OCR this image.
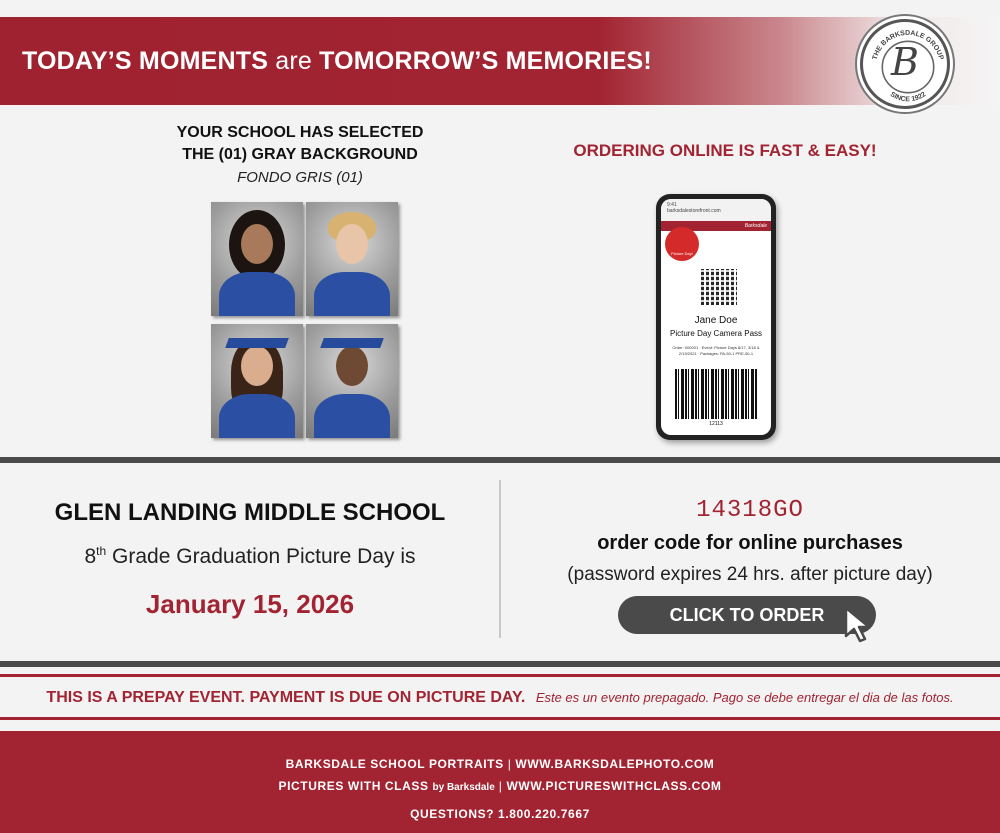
TODAY’S MOMENTS are TOMORROW’S MEMORIES!	THE BARKSDALE GROUP
SINCE 1922
B
YOUR SCHOOL HAS SELECTED
THE (01) GRAY BACKGROUND
FONDO GRIS (01)
ORDERING ONLINE IS FAST & EASY!
9:41
barksdalestorefront.com
Barksdale
Picture Day!
Jane Doe
Picture Day Camera Pass
Order: 000001 · Event: Picture Days 8/17, 3/18 & 2/19/2021 · Packages: PA-50-1 PRE-50-1
12113
GLEN LANDING MIDDLE SCHOOL
8th Grade Graduation Picture Day is
January 15, 2026
14318GO
order code for online purchases
(password expires 24 hrs. after picture day)
CLICK TO ORDER
THIS IS A PREPAY EVENT. PAYMENT IS DUE ON PICTURE DAY. Este es un evento prepagado. Pago se debe entregar el dia de las fotos.
BARKSDALE SCHOOL PORTRAITS | WWW.BARKSDALEPHOTO.COM
PICTURES WITH CLASS by Barksdale | WWW.PICTURESWITHCLASS.COM
QUESTIONS? 1.800.220.7667
